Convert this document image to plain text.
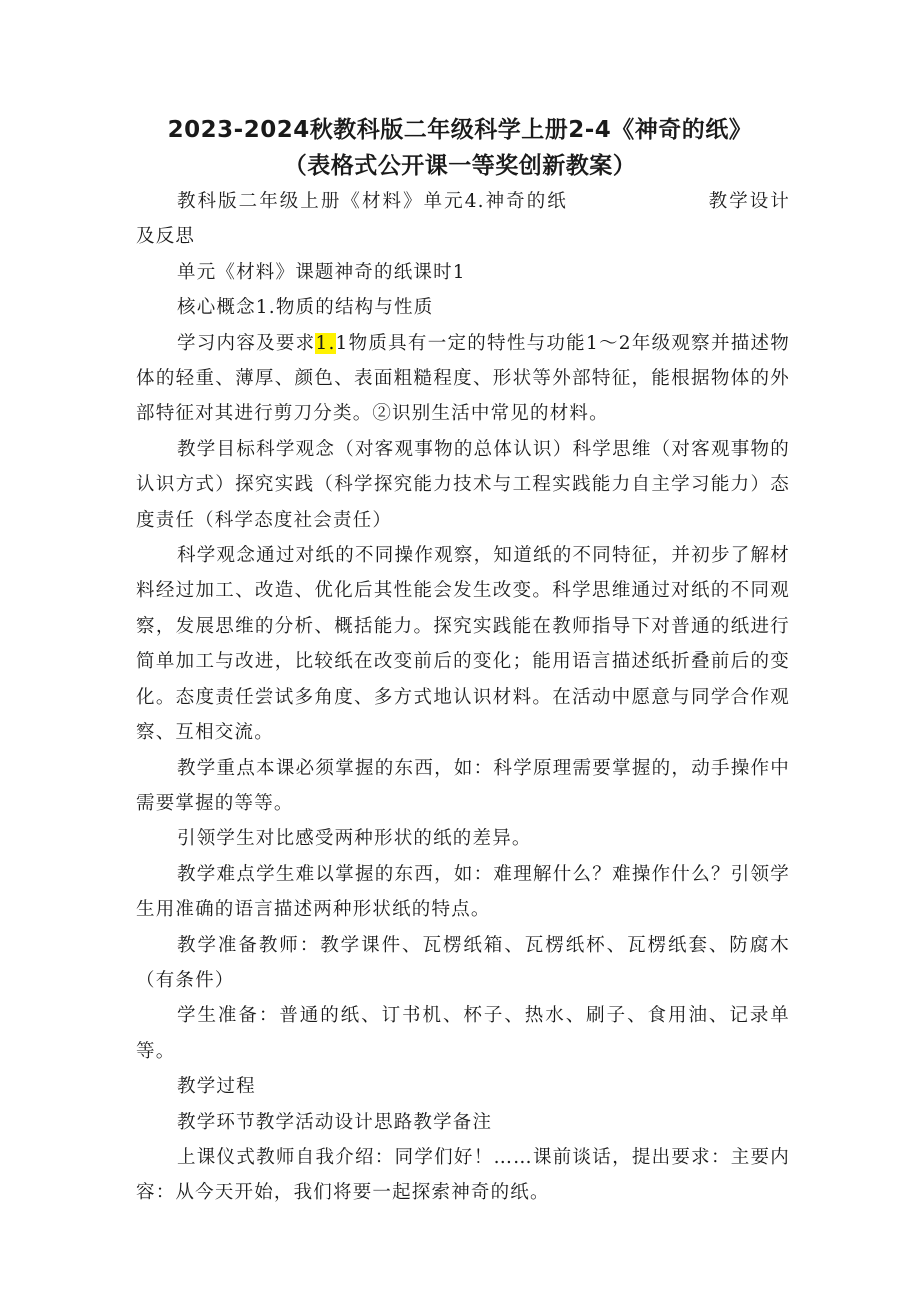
2023-2024秋教科版二年级科学上册2-4《神奇的纸》
（表格式公开课一等奖创新教案）

教科版二年级上册《材料》单元4.神奇的纸	教学设计及反思

单元《材料》课题神奇的纸课时1

核心概念1.物质的结构与性质

学习内容及要求1.1物质具有一定的特性与功能1～2年级观察并描述物体的轻重、薄厚、颜色、表面粗糙程度、形状等外部特征，能根据物体的外部特征对其进行剪刀分类。②识别生活中常见的材料。

教学目标科学观念（对客观事物的总体认识）科学思维（对客观事物的认识方式）探究实践（科学探究能力技术与工程实践能力自主学习能力）态度责任（科学态度社会责任）

科学观念通过对纸的不同操作观察，知道纸的不同特征，并初步了解材料经过加工、改造、优化后其性能会发生改变。科学思维通过对纸的不同观察，发展思维的分析、概括能力。探究实践能在教师指导下对普通的纸进行简单加工与改进，比较纸在改变前后的变化；能用语言描述纸折叠前后的变化。态度责任尝试多角度、多方式地认识材料。在活动中愿意与同学合作观察、互相交流。

教学重点本课必须掌握的东西，如：科学原理需要掌握的，动手操作中需要掌握的等等。

引领学生对比感受两种形状的纸的差异。

教学难点学生难以掌握的东西，如：难理解什么？难操作什么？引领学生用准确的语言描述两种形状纸的特点。

教学准备教师：教学课件、瓦楞纸箱、瓦楞纸杯、瓦楞纸套、防腐木（有条件）

学生准备：普通的纸、订书机、杯子、热水、刷子、食用油、记录单等。

教学过程

教学环节教学活动设计思路教学备注

上课仪式教师自我介绍：同学们好！……课前谈话，提出要求：主要内容：从今天开始，我们将要一起探索神奇的纸。
